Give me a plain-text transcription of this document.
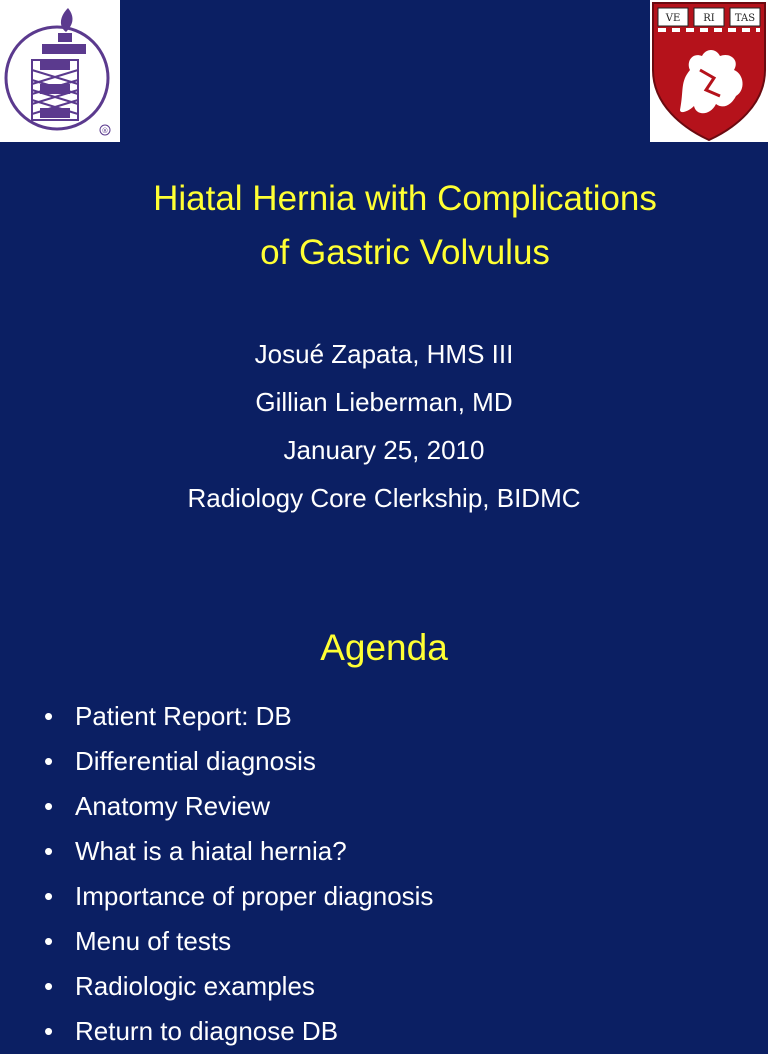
®
VE RI TAS
Hiatal Hernia with Complications
of Gastric Volvulus
Josué Zapata, HMS III
Gillian Lieberman, MD
January 25, 2010
Radiology Core Clerkship, BIDMC
Agenda
• Patient Report: DB
• Differential diagnosis
• Anatomy Review
• What is a hiatal hernia?
• Importance of proper diagnosis
• Menu of tests
• Radiologic examples
• Return to diagnose DB
